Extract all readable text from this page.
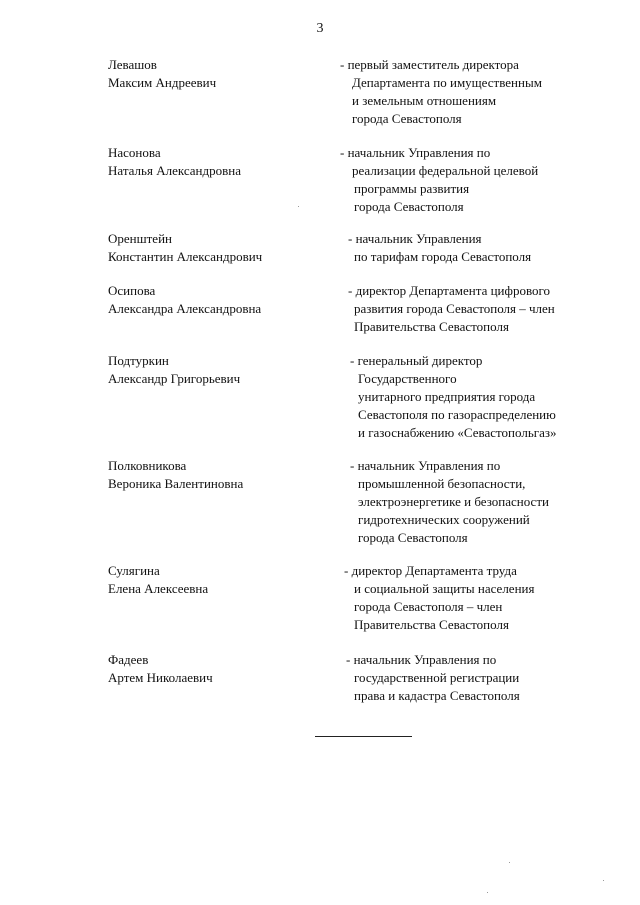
3
Левашов
Максим Андреевич
- первый заместитель директора
Департамента по имущественным
и земельным отношениям
города Севастополя
Насонова
Наталья Александровна
- начальник Управления по
реализации федеральной целевой
программы развития
города Севастополя
Оренштейн
Константин Александрович
- начальник Управления
по тарифам города Севастополя
Осипова
Александра Александровна
- директор Департамента цифрового
развития города Севастополя – член
Правительства Севастополя
Подтуркин
Александр Григорьевич
- генеральный директор
Государственного
унитарного предприятия города
Севастополя по газораспределению
и газоснабжению «Севастопольгаз»
Полковникова
Вероника Валентиновна
- начальник Управления по
промышленной безопасности,
электроэнергетике и безопасности
гидротехнических сооружений
города Севастополя
Сулягина
Елена Алексеевна
- директор Департамента труда
и социальной защиты населения
города Севастополя – член
Правительства Севастополя
Фадеев
Артем Николаевич
- начальник Управления по
государственной регистрации
права и кадастра Севастополя
